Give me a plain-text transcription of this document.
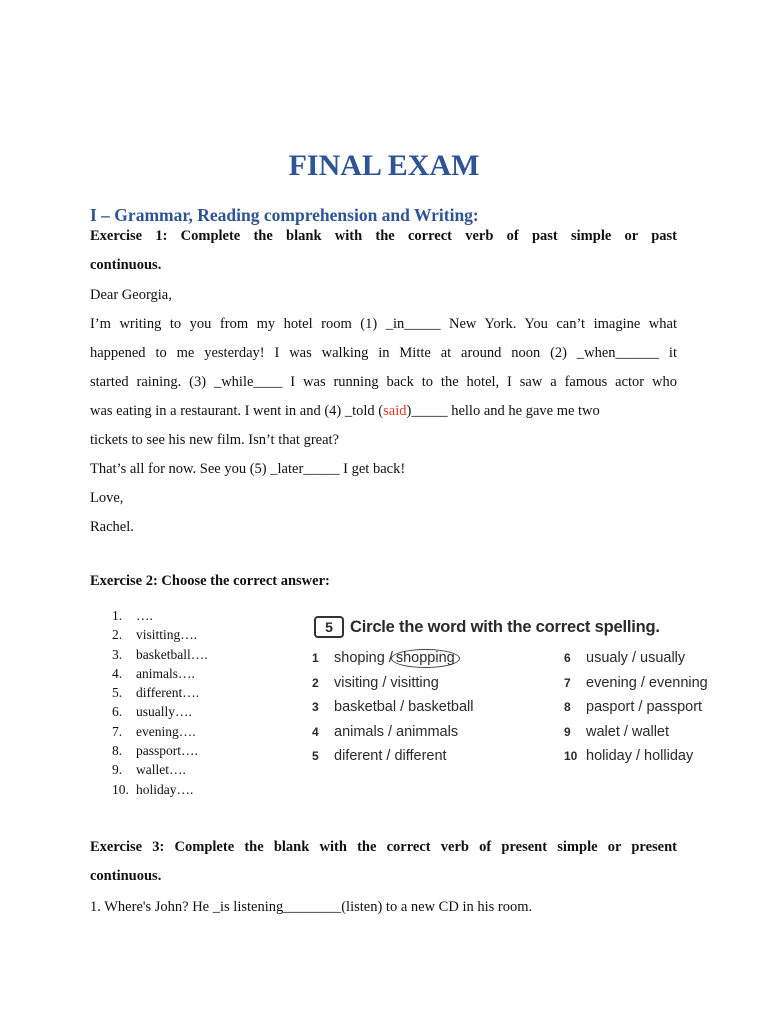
FINAL EXAM
I – Grammar, Reading comprehension and Writing:
Exercise 1: Complete the blank with the correct verb of past simple or past
continuous.
Dear Georgia,
I’m writing to you from my hotel room (1) _in_____ New York. You can’t imagine what
happened to me yesterday! I was walking in Mitte at around noon (2) _when______ it
started raining. (3) _while____ I was running back to the hotel, I saw a famous actor who
was eating in a restaurant. I went in and (4) _told (said)_____ hello and he gave me two
tickets to see his new film. Isn’t that great?
That’s all for now. See you (5) _later_____ I get back!
Love,
Rachel.
Exercise 2: Choose the correct answer:
1. ….
2. visitting….
3. basketball….
4. animals….
5. different….
6. usually….
7. evening….
8. passport….
9. wallet….
10. holiday….
5	Circle the word with the correct spelling.
1	shoping / shopping
2	visiting / visitting
3	basketbal / basketball
4	animals / animmals
5	diferent / different
6	usualy / usually
7	evening / evenning
8	pasport / passport
9	walet / wallet
10 holiday / holliday
Exercise 3: Complete the blank with the correct verb of present simple or present
continuous.
1. Where's John? He _is listening________(listen) to a new CD in his room.
